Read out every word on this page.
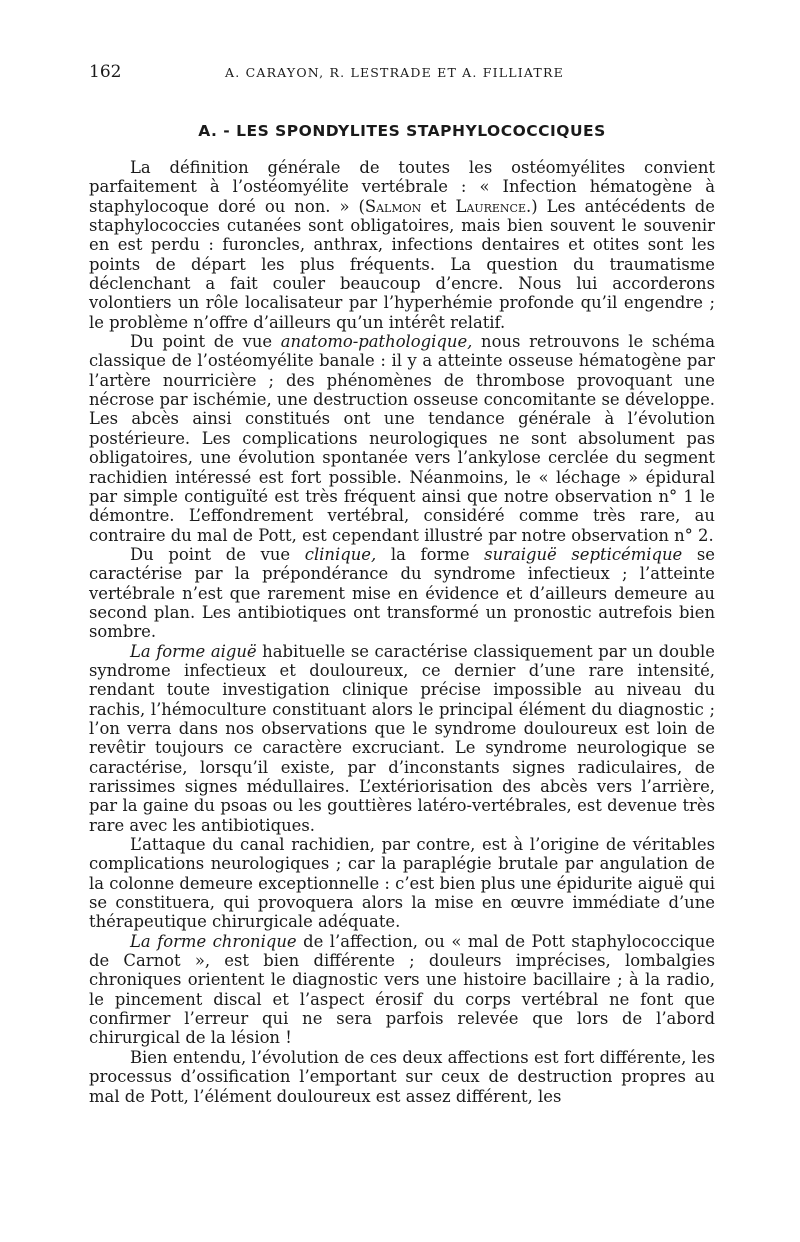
162	A. CARAYON, R. LESTRADE ET A. FILLIATRE
A. - LES SPONDYLITES STAPHYLOCOCCIQUES

La définition générale de toutes les ostéomyélites convient parfaitement à l’ostéomyélite vertébrale : « Infection hématogène à staphylocoque doré ou non. » (Salmon et Laurence.) Les antécédents de staphylococcies cutanées sont obligatoires, mais bien souvent le souvenir en est perdu : furoncles, anthrax, infections dentaires et otites sont les points de départ les plus fréquents. La question du traumatisme déclenchant a fait couler beaucoup d’encre. Nous lui accorderons volontiers un rôle localisateur par l’hyperhémie profonde qu’il engendre ; le problème n’offre d’ailleurs qu’un intérêt relatif.

Du point de vue anatomo-pathologique, nous retrouvons le schéma classique de l’ostéomyélite banale : il y a atteinte osseuse hématogène par l’artère nourricière ; des phénomènes de thrombose provoquant une nécrose par ischémie, une destruction osseuse concomitante se développe. Les abcès ainsi constitués ont une tendance générale à l’évolution postérieure. Les complications neurologiques ne sont absolument pas obligatoires, une évolution spontanée vers l’ankylose cerclée du segment rachidien intéressé est fort possible. Néanmoins, le « léchage » épidural par simple contiguïté est très fréquent ainsi que notre observation n° 1 le démontre. L’effondrement vertébral, considéré comme très rare, au contraire du mal de Pott, est cependant illustré par notre observation n° 2.

Du point de vue clinique, la forme suraiguë septicémique se caractérise par la prépondérance du syndrome infectieux ; l’atteinte vertébrale n’est que rarement mise en évidence et d’ailleurs demeure au second plan. Les antibiotiques ont transformé un pronostic autrefois bien sombre.

La forme aiguë habituelle se caractérise classiquement par un double syndrome infectieux et douloureux, ce dernier d’une rare intensité, rendant toute investigation clinique précise impossible au niveau du rachis, l’hémoculture constituant alors le principal élément du diagnostic ; l’on verra dans nos observations que le syndrome douloureux est loin de revêtir toujours ce caractère excruciant. Le syndrome neurologique se caractérise, lorsqu’il existe, par d’inconstants signes radiculaires, de rarissimes signes médullaires. L’extériorisation des abcès vers l’arrière, par la gaine du psoas ou les gouttières latéro-vertébrales, est devenue très rare avec les antibiotiques.

L’attaque du canal rachidien, par contre, est à l’origine de véritables complications neurologiques ; car la paraplégie brutale par angulation de la colonne demeure exceptionnelle : c’est bien plus une épidurite aiguë qui se constituera, qui provoquera alors la mise en œuvre immédiate d’une thérapeutique chirurgicale adéquate.

La forme chronique de l’affection, ou « mal de Pott staphylococcique de Carnot », est bien différente ; douleurs imprécises, lombalgies chroniques orientent le diagnostic vers une histoire bacillaire ; à la radio, le pincement discal et l’aspect érosif du corps vertébral ne font que confirmer l’erreur qui ne sera parfois relevée que lors de l’abord chirurgical de la lésion !

Bien entendu, l’évolution de ces deux affections est fort différente, les processus d’ossification l’emportant sur ceux de destruction propres au mal de Pott, l’élément douloureux est assez différent, les
